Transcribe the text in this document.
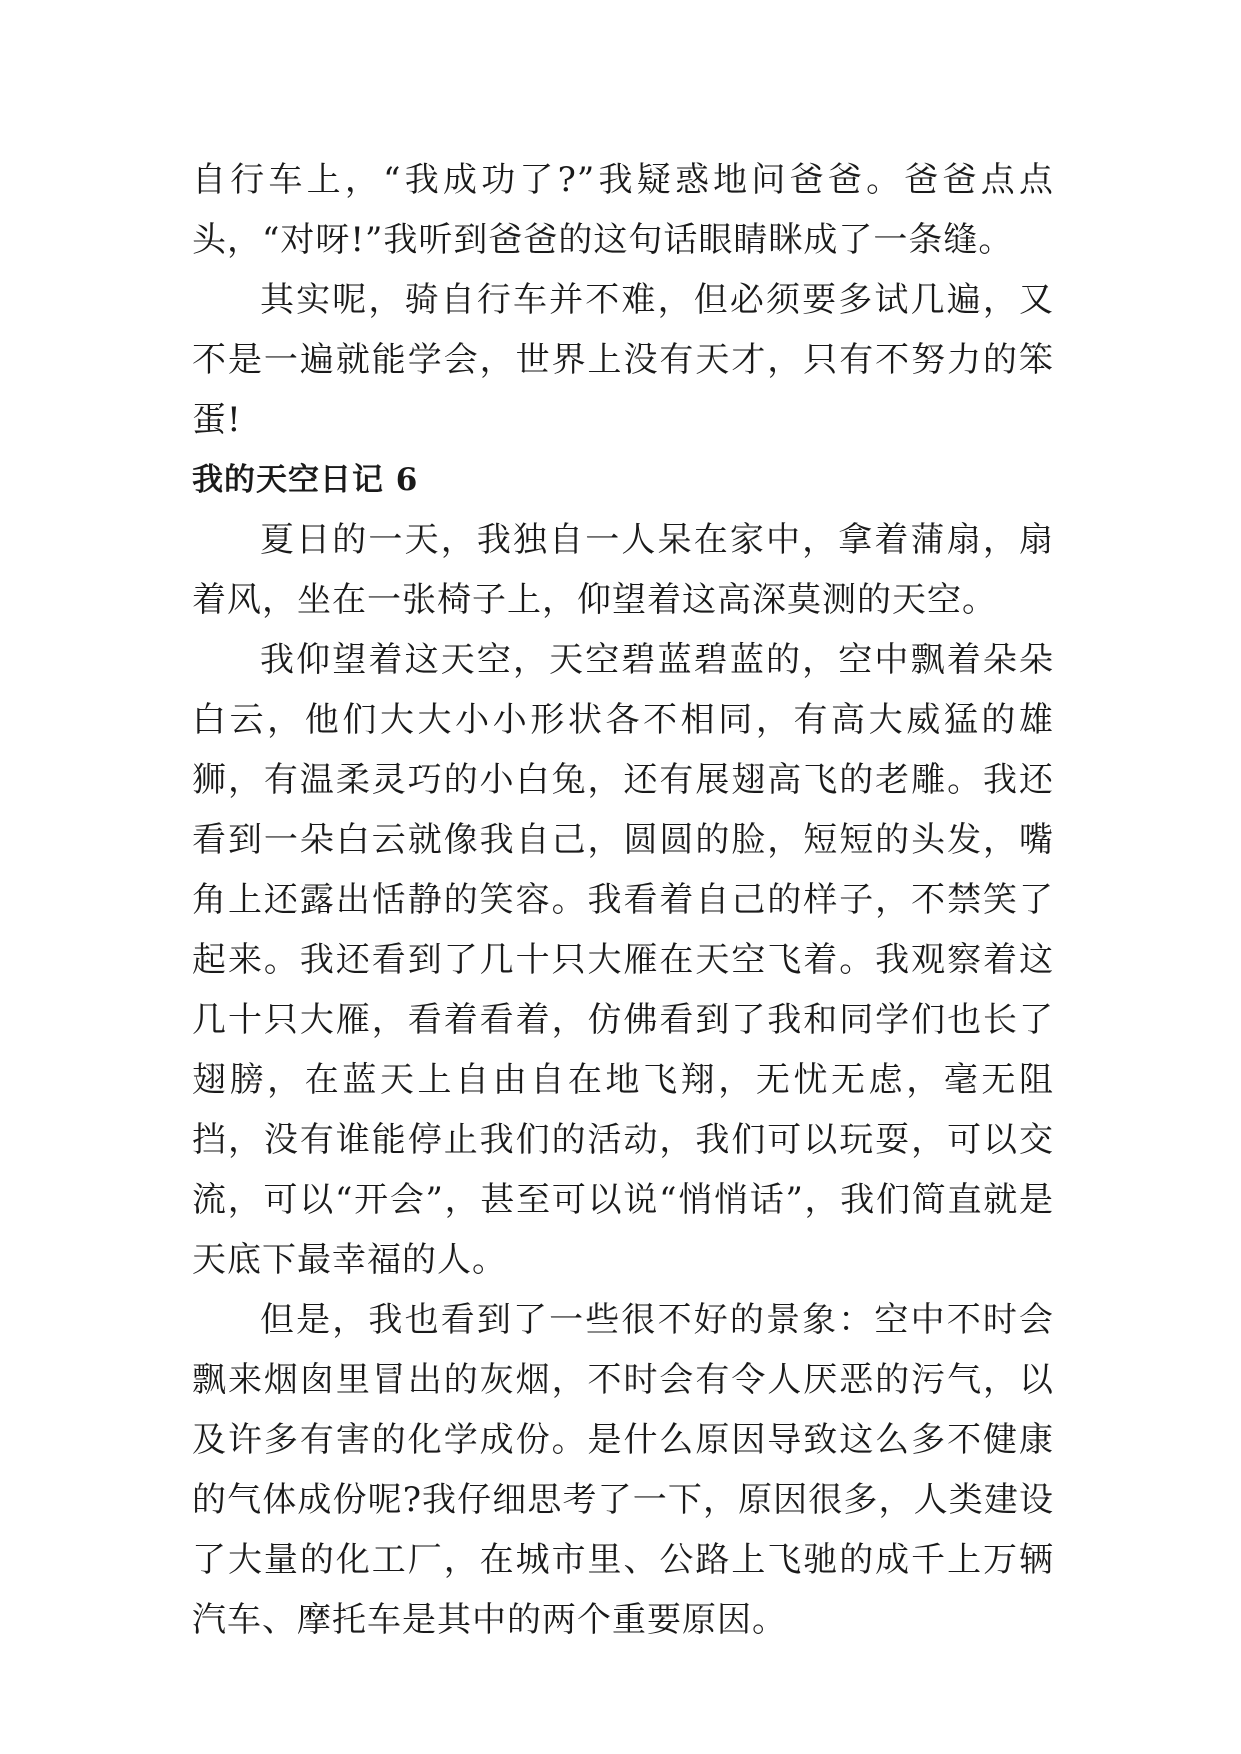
自行车上，“我成功了?”我疑惑地问爸爸。爸爸点点头，“对呀!”我听到爸爸的这句话眼睛眯成了一条缝。

其实呢，骑自行车并不难，但必须要多试几遍，又不是一遍就能学会，世界上没有天才，只有不努力的笨蛋!

我的天空日记 6

夏日的一天，我独自一人呆在家中，拿着蒲扇，扇着风，坐在一张椅子上，仰望着这高深莫测的天空。

我仰望着这天空，天空碧蓝碧蓝的，空中飘着朵朵白云，他们大大小小形状各不相同，有高大威猛的雄狮，有温柔灵巧的小白兔，还有展翅高飞的老雕。我还看到一朵白云就像我自己，圆圆的脸，短短的头发，嘴角上还露出恬静的笑容。我看着自己的样子，不禁笑了起来。我还看到了几十只大雁在天空飞着。我观察着这几十只大雁，看着看着，仿佛看到了我和同学们也长了翅膀，在蓝天上自由自在地飞翔，无忧无虑，毫无阻挡，没有谁能停止我们的活动，我们可以玩耍，可以交流，可以“开会”，甚至可以说“悄悄话”，我们简直就是天底下最幸福的人。

但是，我也看到了一些很不好的景象：空中不时会飘来烟囱里冒出的灰烟，不时会有令人厌恶的污气，以及许多有害的化学成份。是什么原因导致这么多不健康的气体成份呢?我仔细思考了一下，原因很多，人类建设了大量的化工厂，在城市里、公路上飞驰的成千上万辆汽车、摩托车是其中的两个重要原因。
